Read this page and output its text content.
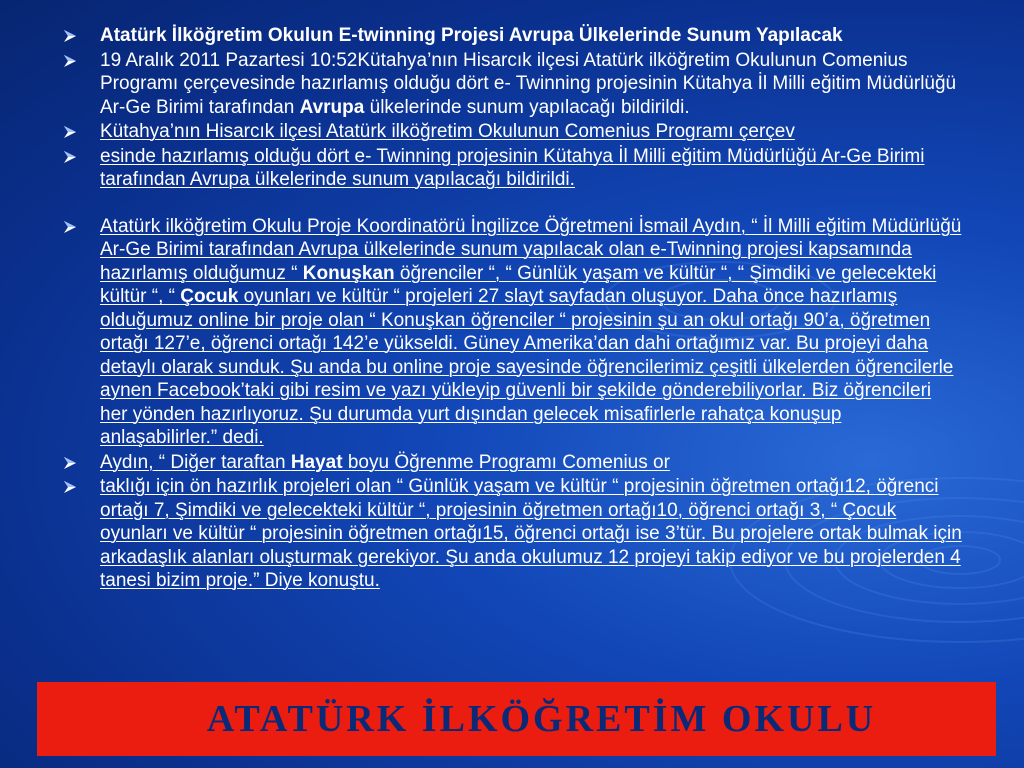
Atatürk İlköğretim Okulun E-twinning Projesi Avrupa Ülkelerinde Sunum Yapılacak
19 Aralık 2011 Pazartesi 10:52Kütahya’nın Hisarcık ilçesi Atatürk ilköğretim Okulunun Comenius Programı çerçevesinde hazırlamış olduğu dört e- Twinning projesinin Kütahya İl Milli eğitim Müdürlüğü Ar-Ge Birimi tarafından Avrupa ülkelerinde sunum yapılacağı bildirildi.
Kütahya’nın Hisarcık ilçesi Atatürk ilköğretim Okulunun Comenius Programı çerçev
esinde hazırlamış olduğu dört e- Twinning projesinin Kütahya İl Milli eğitim Müdürlüğü Ar-Ge Birimi tarafından Avrupa ülkelerinde sunum yapılacağı bildirildi.
Atatürk ilköğretim Okulu Proje Koordinatörü İngilizce Öğretmeni İsmail Aydın, “ İl Milli eğitim Müdürlüğü Ar-Ge Birimi tarafından Avrupa ülkelerinde sunum yapılacak olan e-Twinning projesi kapsamında hazırlamış olduğumuz “ Konuşkan öğrenciler “, “ Günlük yaşam ve kültür “, “ Şimdiki ve gelecekteki kültür “, “ Çocuk oyunları ve kültür “ projeleri 27 slayt sayfadan oluşuyor. Daha önce hazırlamış olduğumuz online bir proje olan “ Konuşkan öğrenciler “ projesinin şu an okul ortağı 90’a, öğretmen ortağı 127’e, öğrenci ortağı 142’e yükseldi. Güney Amerika’dan dahi ortağımız var. Bu projeyi daha detaylı olarak sunduk. Şu anda bu online proje sayesinde öğrencilerimiz çeşitli ülkelerden öğrencilerle aynen Facebook’taki gibi resim ve yazı yükleyip güvenli bir şekilde gönderebiliyorlar. Biz öğrencileri her yönden hazırlıyoruz. Şu durumda yurt dışından gelecek misafirlerle rahatça konuşup anlaşabilirler.” dedi.
Aydın, “ Diğer taraftan Hayat boyu Öğrenme Programı Comenius or
taklığı için ön hazırlık projeleri olan “ Günlük yaşam ve kültür “ projesinin öğretmen ortağı12, öğrenci ortağı 7, Şimdiki ve gelecekteki kültür “, projesinin öğretmen ortağı10, öğrenci ortağı 3, “ Çocuk oyunları ve kültür “ projesinin öğretmen ortağı15, öğrenci ortağı ise 3’tür. Bu projelere ortak bulmak için arkadaşlık alanları oluşturmak gerekiyor. Şu anda okulumuz 12 projeyi takip ediyor ve bu projelerden 4 tanesi bizim proje.” Diye konuştu.
ATATÜRK İLKÖĞRETİM OKULU
